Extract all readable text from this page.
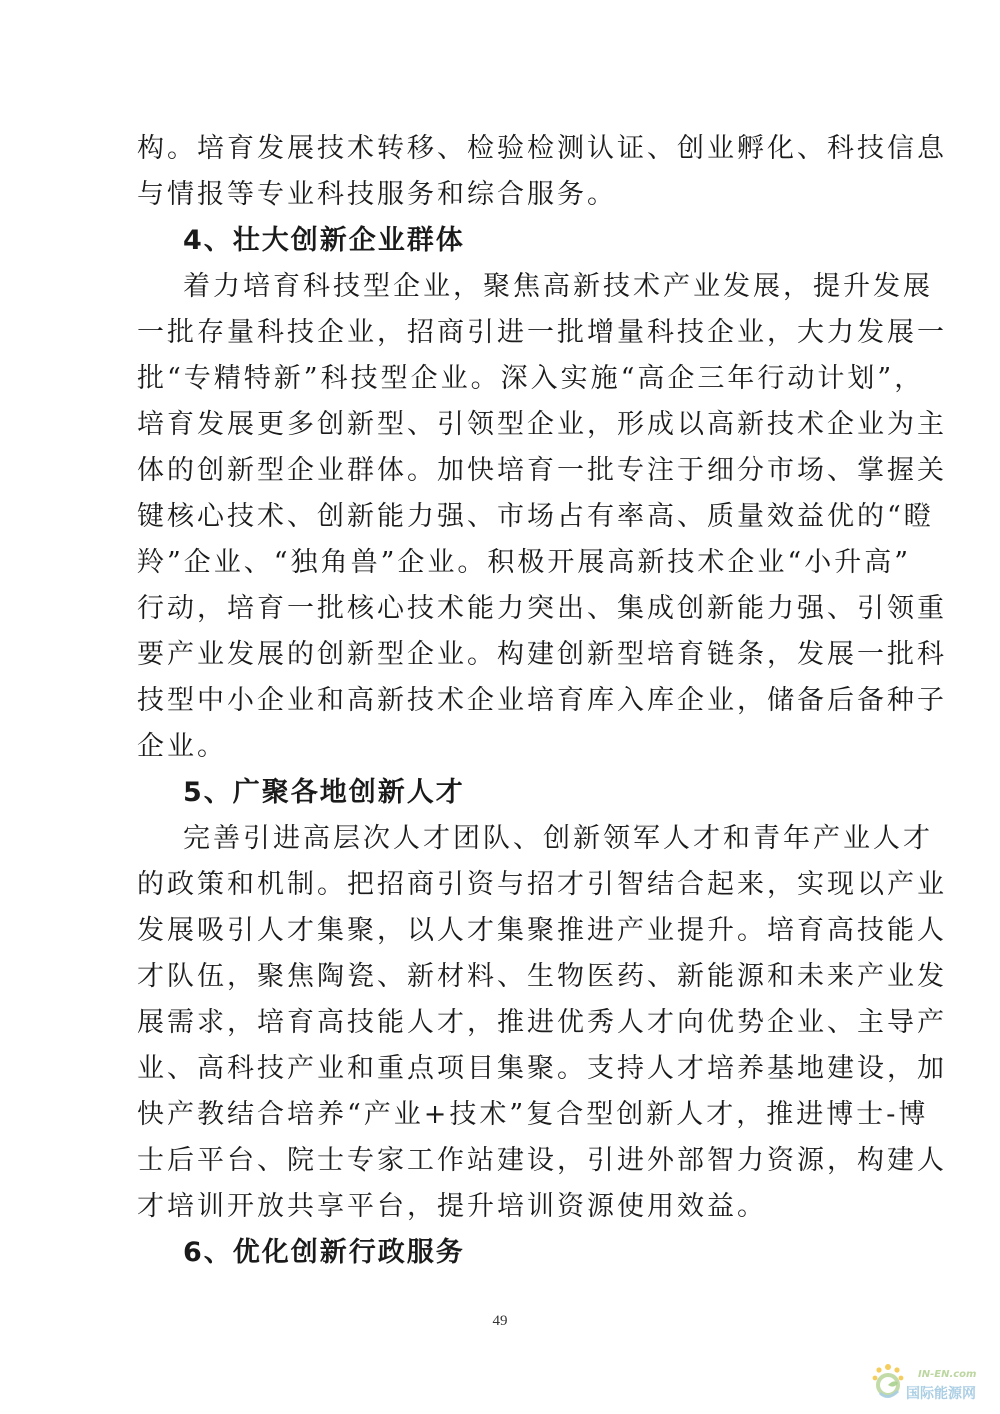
构。培育发展技术转移、检验检测认证、创业孵化、科技信息
与情报等专业科技服务和综合服务。
4、壮大创新企业群体
着力培育科技型企业，聚焦高新技术产业发展，提升发展
一批存量科技企业，招商引进一批增量科技企业，大力发展一
批“专精特新”科技型企业。深入实施“高企三年行动计划”，
培育发展更多创新型、引领型企业，形成以高新技术企业为主
体的创新型企业群体。加快培育一批专注于细分市场、掌握关
键核心技术、创新能力强、市场占有率高、质量效益优的“瞪
羚”企业、“独角兽”企业。积极开展高新技术企业“小升高”
行动，培育一批核心技术能力突出、集成创新能力强、引领重
要产业发展的创新型企业。构建创新型培育链条，发展一批科
技型中小企业和高新技术企业培育库入库企业，储备后备种子
企业。
5、广聚各地创新人才
完善引进高层次人才团队、创新领军人才和青年产业人才
的政策和机制。把招商引资与招才引智结合起来，实现以产业
发展吸引人才集聚，以人才集聚推进产业提升。培育高技能人
才队伍，聚焦陶瓷、新材料、生物医药、新能源和未来产业发
展需求，培育高技能人才，推进优秀人才向优势企业、主导产
业、高科技产业和重点项目集聚。支持人才培养基地建设，加
快产教结合培养“产业+技术”复合型创新人才，推进博士-博
士后平台、院士专家工作站建设，引进外部智力资源，构建人
才培训开放共享平台，提升培训资源使用效益。
6、优化创新行政服务
49
IN-EN.com
国际能源网
